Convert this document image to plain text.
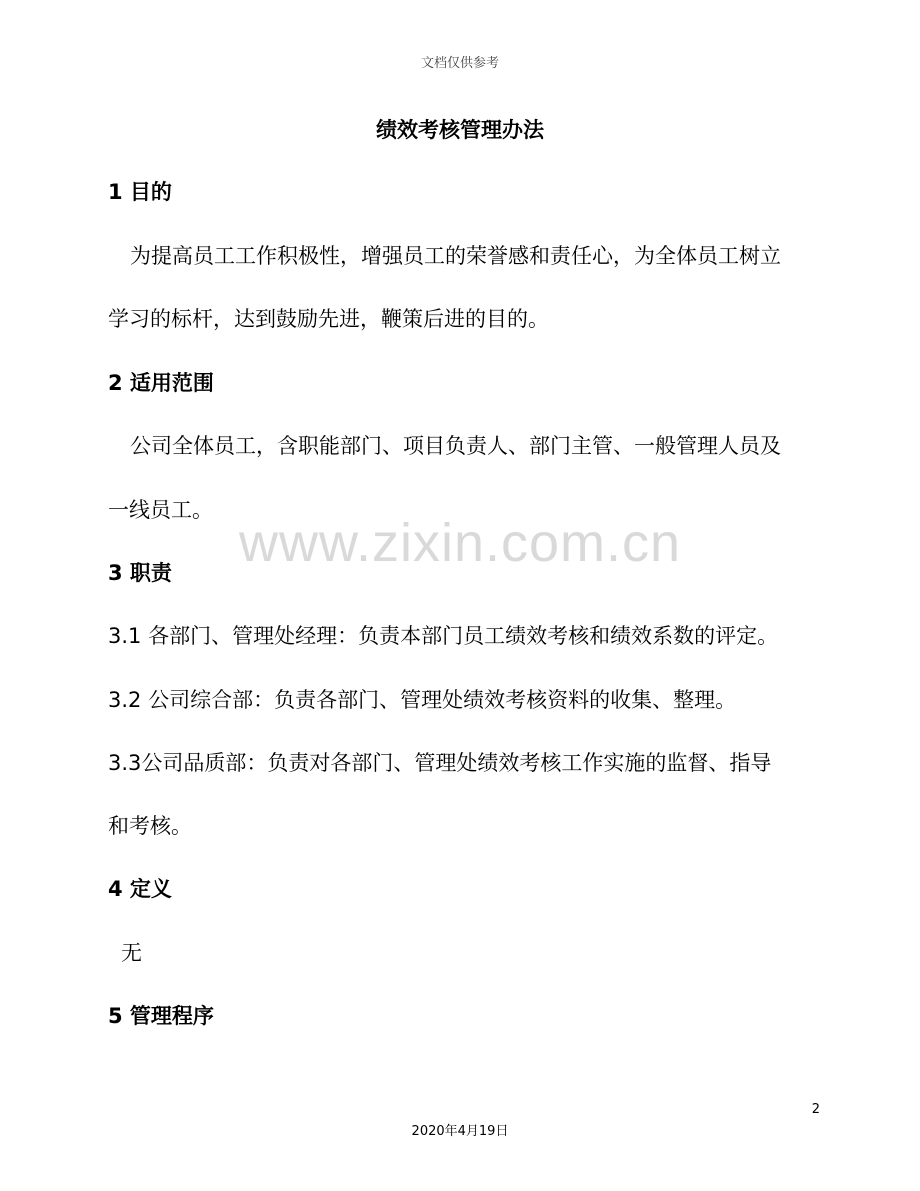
文档仅供参考
绩效考核管理办法
1 目的
为提高员工工作积极性，增强员工的荣誉感和责任心，为全体员工树立
学习的标杆，达到鼓励先进，鞭策后进的目的。
2 适用范围
公司全体员工，含职能部门、项目负责人、部门主管、一般管理人员及
一线员工。
www.zixin.com.cn
3 职责
3.1 各部门、管理处经理：负责本部门员工绩效考核和绩效系数的评定。
3.2 公司综合部：负责各部门、管理处绩效考核资料的收集、整理。
3.3公司品质部：负责对各部门、管理处绩效考核工作实施的监督、指导
和考核。
4 定义
无
5 管理程序
2
2020年4月19日
